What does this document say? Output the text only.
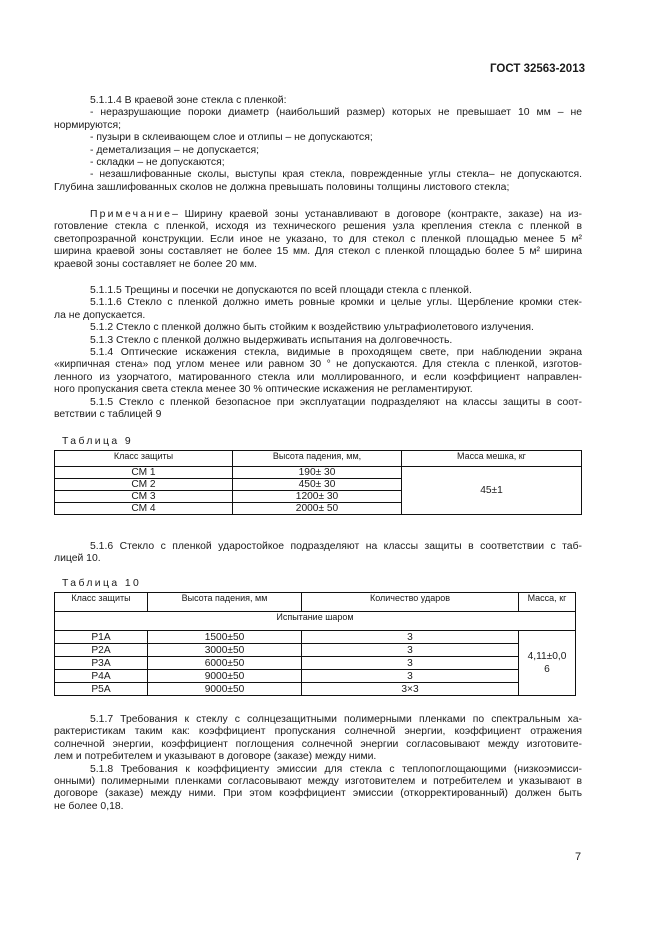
ГОСТ 32563-2013
5.1.1.4 В краевой зоне стекла с пленкой:
- неразрушающие пороки диаметр (наибольший размер) которых не превышает 10 мм – не
нормируются;
- пузыри в склеивающем слое и отлипы – не допускаются;
- деметализация – не допускается;
- складки – не допускаются;
- незашлифованные сколы, выступы края стекла, поврежденные углы стекла– не допускаются.
Глубина зашлифованных сколов не должна превышать половины толщины листового стекла;
Примечание– Ширину краевой зоны устанавливают в договоре (контракте, заказе) на из-
готовление стекла с пленкой, исходя из технического решения узла крепления стекла с пленкой в
светопрозрачной конструкции. Если иное не указано, то для стекол с пленкой площадью менее 5 м²
ширина краевой зоны составляет не более 15 мм. Для стекол с пленкой площадью более 5 м² ширина
краевой зоны составляет не более 20 мм.
5.1.1.5 Трещины и посечки не допускаются по всей площади стекла с пленкой.
5.1.1.6 Стекло с пленкой должно иметь ровные кромки и целые углы. Щербление кромки стек-
ла не допускается.
5.1.2 Стекло с пленкой должно быть стойким к воздействию ультрафиолетового излучения.
5.1.3 Стекло с пленкой должно выдерживать испытания на долговечность.
5.1.4 Оптические искажения стекла, видимые в проходящем свете, при наблюдении экрана
«кирпичная стена» под углом менее или равном 30 ° не допускаются. Для стекла с пленкой, изготов-
ленного из узорчатого, матированного стекла или моллированного, и если коэффициент направлен-
ного пропускания света стекла менее 30 % оптические искажения не регламентируют.
5.1.5 Стекло с пленкой безопасное при эксплуатации подразделяют на классы защиты в соот-
ветствии с таблицей 9
Таблица 9
Класс защиты	Высота падения, мм,	Масса мешка, кг
СМ 1	190± 30	45±1
СМ 2	450± 30	
СМ 3	1200± 30	
СМ 4	2000± 50	
5.1.6 Стекло с пленкой ударостойкое подразделяют на классы защиты в соответствии с таб-
лицей 10.
Таблица 10
Класс защиты	Высота падения, мм	Количество ударов	Масса, кг
Испытание шаром			
Р1А	1500±50	3	4,11±0,0 6
Р2А	3000±50	3	
Р3А	6000±50	3	
Р4А	9000±50	3	
Р5А	9000±50	3×3	
5.1.7 Требования к стеклу с солнцезащитными полимерными пленками по спектральным ха-
рактеристикам таким как: коэффициент пропускания солнечной энергии, коэффициент отражения
солнечной энергии, коэффициент поглощения солнечной энергии согласовывают между изготовите-
лем и потребителем и указывают в договоре (заказе) между ними.
5.1.8 Требования к коэффициенту эмиссии для стекла с теплопоглощающими (низкоэмисси-
онными) полимерными пленками согласовывают между изготовителем и потребителем и указывают в
договоре (заказе) между ними. При этом коэффициент эмиссии (откорректированный) должен быть
не более 0,18.
7
